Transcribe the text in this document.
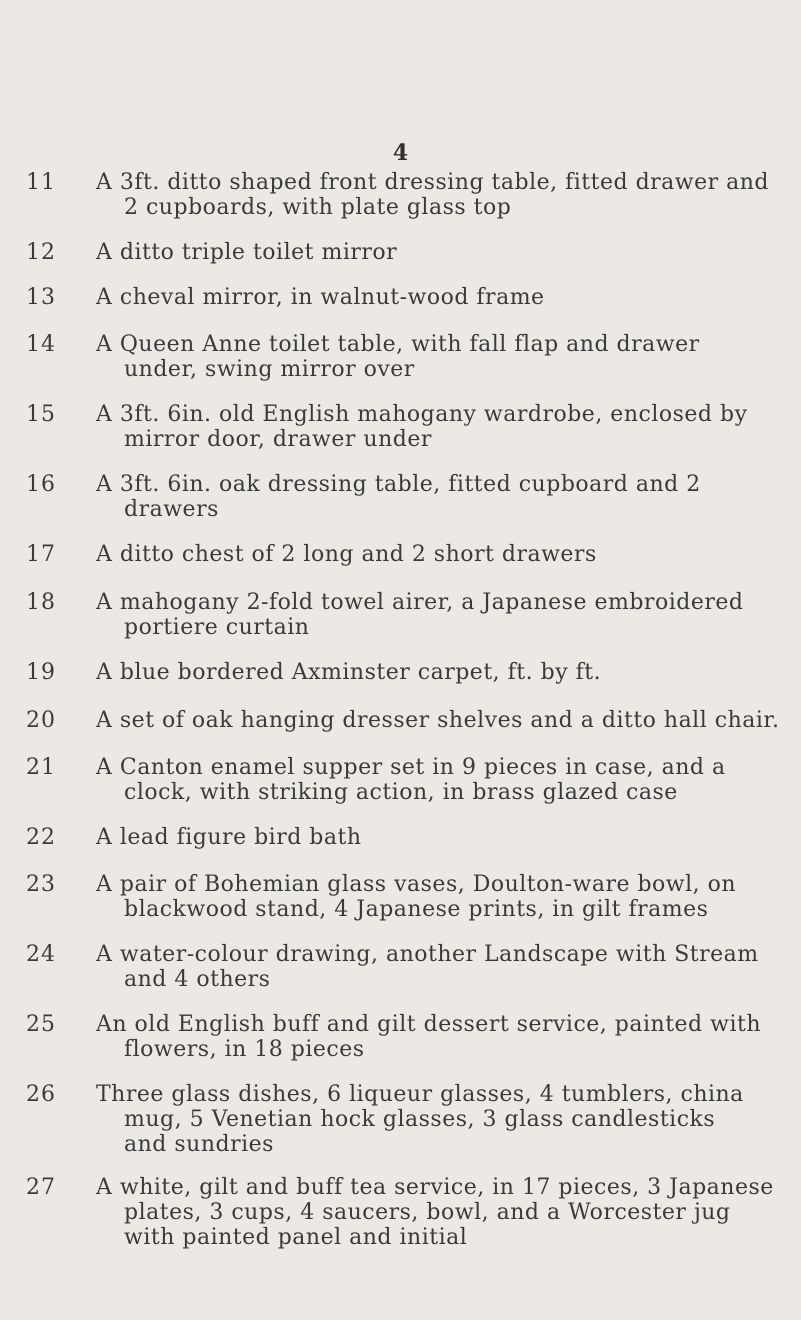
4
11	A 3ft. ditto shaped front dressing table, fitted drawer and
2 cupboards, with plate glass top
12	A ditto triple toilet mirror
13	A cheval mirror, in walnut-wood frame
14	A Queen Anne toilet table, with fall flap and drawer
under, swing mirror over
15	A 3ft. 6in. old English mahogany wardrobe, enclosed by
mirror door, drawer under
16	A 3ft. 6in. oak dressing table, fitted cupboard and 2
drawers
17	A ditto chest of 2 long and 2 short drawers
18	A mahogany 2-fold towel airer, a Japanese embroidered
portiere curtain
19	A blue bordered Axminster carpet, ft. by ft.
20	A set of oak hanging dresser shelves and a ditto hall chair.
21	A Canton enamel supper set in 9 pieces in case, and a
clock, with striking action, in brass glazed case
22	A lead figure bird bath
23	A pair of Bohemian glass vases, Doulton-ware bowl, on
blackwood stand, 4 Japanese prints, in gilt frames
24	A water-colour drawing, another Landscape with Stream
and 4 others
25	An old English buff and gilt dessert service, painted with
flowers, in 18 pieces
26	Three glass dishes, 6 liqueur glasses, 4 tumblers, china
mug, 5 Venetian hock glasses, 3 glass candlesticks
and sundries
27	A white, gilt and buff tea service, in 17 pieces, 3 Japanese
plates, 3 cups, 4 saucers, bowl, and a Worcester jug
with painted panel and initial
